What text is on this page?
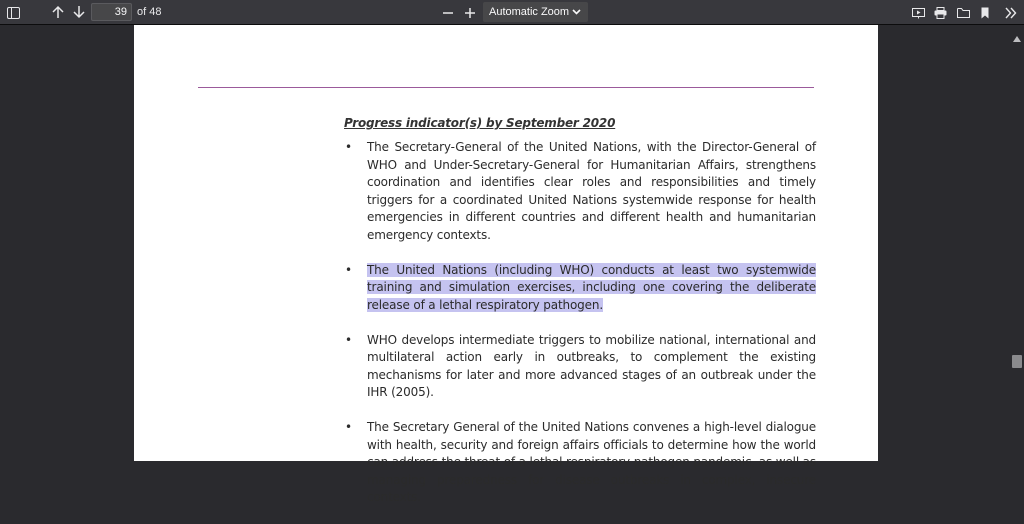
39 of 48	Automatic Zoom
Progress indicator(s) by September 2020
• The Secretary-General of the United Nations, with the Director-General of WHO and Under-Secretary-General for Humanitarian Affairs, strengthens coordination and identifies clear roles and responsibilities and timely triggers for a coordinated United Nations systemwide response for health emergencies in different countries and different health and humanitarian emergency contexts.
• The United Nations (including WHO) conducts at least two systemwide training and simulation exercises, including one covering the deliberate release of a lethal respiratory pathogen.
• WHO develops intermediate triggers to mobilize national, international and multilateral action early in outbreaks, to complement the existing mechanisms for later and more advanced stages of an outbreak under the IHR (2005).
• The Secretary General of the United Nations convenes a high-level dialogue with health, security and foreign affairs officials to determine how the world can address the threat of a lethal respiratory pathogen pandemic, as well as managing preparedness for disease outbreaks in complex, insecure contexts.
